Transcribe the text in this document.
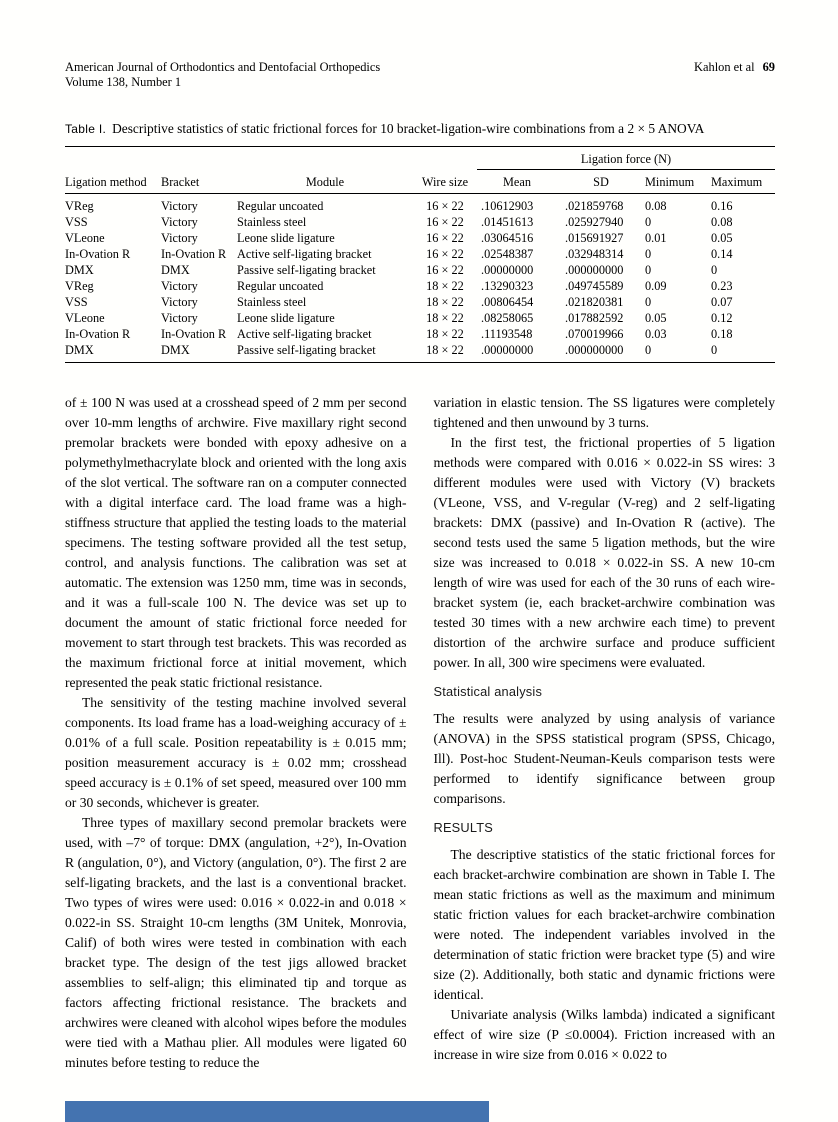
American Journal of Orthodontics and Dentofacial Orthopedics
Volume 138, Number 1
Kahlon et al 69
Table I. Descriptive statistics of static frictional forces for 10 bracket-ligation-wire combinations from a 2 × 5 ANOVA
				Ligation force (N)			
Ligation method	Bracket	Module	Wire size	Mean	SD	Minimum	Maximum
VReg	Victory	Regular uncoated	16 × 22	.10612903	.021859768	0.08	0.16
VSS	Victory	Stainless steel	16 × 22	.01451613	.025927940	0	0.08
VLeone	Victory	Leone slide ligature	16 × 22	.03064516	.015691927	0.01	0.05
In-Ovation R	In-Ovation R	Active self-ligating bracket	16 × 22	.02548387	.032948314	0	0.14
DMX	DMX	Passive self-ligating bracket	16 × 22	.00000000	.000000000	0	0
VReg	Victory	Regular uncoated	18 × 22	.13290323	.049745589	0.09	0.23
VSS	Victory	Stainless steel	18 × 22	.00806454	.021820381	0	0.07
VLeone	Victory	Leone slide ligature	18 × 22	.08258065	.017882592	0.05	0.12
In-Ovation R	In-Ovation R	Active self-ligating bracket	18 × 22	.11193548	.070019966	0.03	0.18
DMX	DMX	Passive self-ligating bracket	18 × 22	.00000000	.000000000	0	0

of ± 100 N was used at a crosshead speed of 2 mm per second over 10-mm lengths of archwire. Five maxillary right second premolar brackets were bonded with epoxy adhesive on a polymethylmethacrylate block and oriented with the long axis of the slot vertical. The software ran on a computer connected with a digital interface card. The load frame was a high-stiffness structure that applied the testing loads to the material specimens. The testing software provided all the test setup, control, and analysis functions. The calibration was set at automatic. The extension was 1250 mm, time was in seconds, and it was a full-scale 100 N. The device was set up to document the amount of static frictional force needed for movement to start through test brackets. This was recorded as the maximum frictional force at initial movement, which represented the peak static frictional resistance.

The sensitivity of the testing machine involved several components. Its load frame has a load-weighing accuracy of ± 0.01% of a full scale. Position repeatability is ± 0.015 mm; position measurement accuracy is ± 0.02 mm; crosshead speed accuracy is ± 0.1% of set speed, measured over 100 mm or 30 seconds, whichever is greater.

Three types of maxillary second premolar brackets were used, with –7° of torque: DMX (angulation, +2°), In-Ovation R (angulation, 0°), and Victory (angulation, 0°). The first 2 are self-ligating brackets, and the last is a conventional bracket. Two types of wires were used: 0.016 × 0.022-in and 0.018 × 0.022-in SS. Straight 10-cm lengths (3M Unitek, Monrovia, Calif) of both wires were tested in combination with each bracket type. The design of the test jigs allowed bracket assemblies to self-align; this eliminated tip and torque as factors affecting frictional resistance. The brackets and archwires were cleaned with alcohol wipes before the modules were tied with a Mathau plier. All modules were ligated 60 minutes before testing to reduce the

variation in elastic tension. The SS ligatures were completely tightened and then unwound by 3 turns.

In the first test, the frictional properties of 5 ligation methods were compared with 0.016 × 0.022-in SS wires: 3 different modules were used with Victory (V) brackets (VLeone, VSS, and V-regular (V-reg) and 2 self-ligating brackets: DMX (passive) and In-Ovation R (active). The second tests used the same 5 ligation methods, but the wire size was increased to 0.018 × 0.022-in SS. A new 10-cm length of wire was used for each of the 30 runs of each wire-bracket system (ie, each bracket-archwire combination was tested 30 times with a new archwire each time) to prevent distortion of the archwire surface and produce sufficient power. In all, 300 wire specimens were evaluated.

Statistical analysis

The results were analyzed by using analysis of variance (ANOVA) in the SPSS statistical program (SPSS, Chicago, Ill). Post-hoc Student-Neuman-Keuls comparison tests were performed to identify significance between group comparisons.

RESULTS

The descriptive statistics of the static frictional forces for each bracket-archwire combination are shown in Table I. The mean static frictions as well as the maximum and minimum static friction values for each bracket-archwire combination were noted. The independent variables involved in the determination of static friction were bracket type (5) and wire size (2). Additionally, both static and dynamic frictions were identical.

Univariate analysis (Wilks lambda) indicated a significant effect of wire size (P ≤0.0004). Friction increased with an increase in wire size from 0.016 × 0.022 to
